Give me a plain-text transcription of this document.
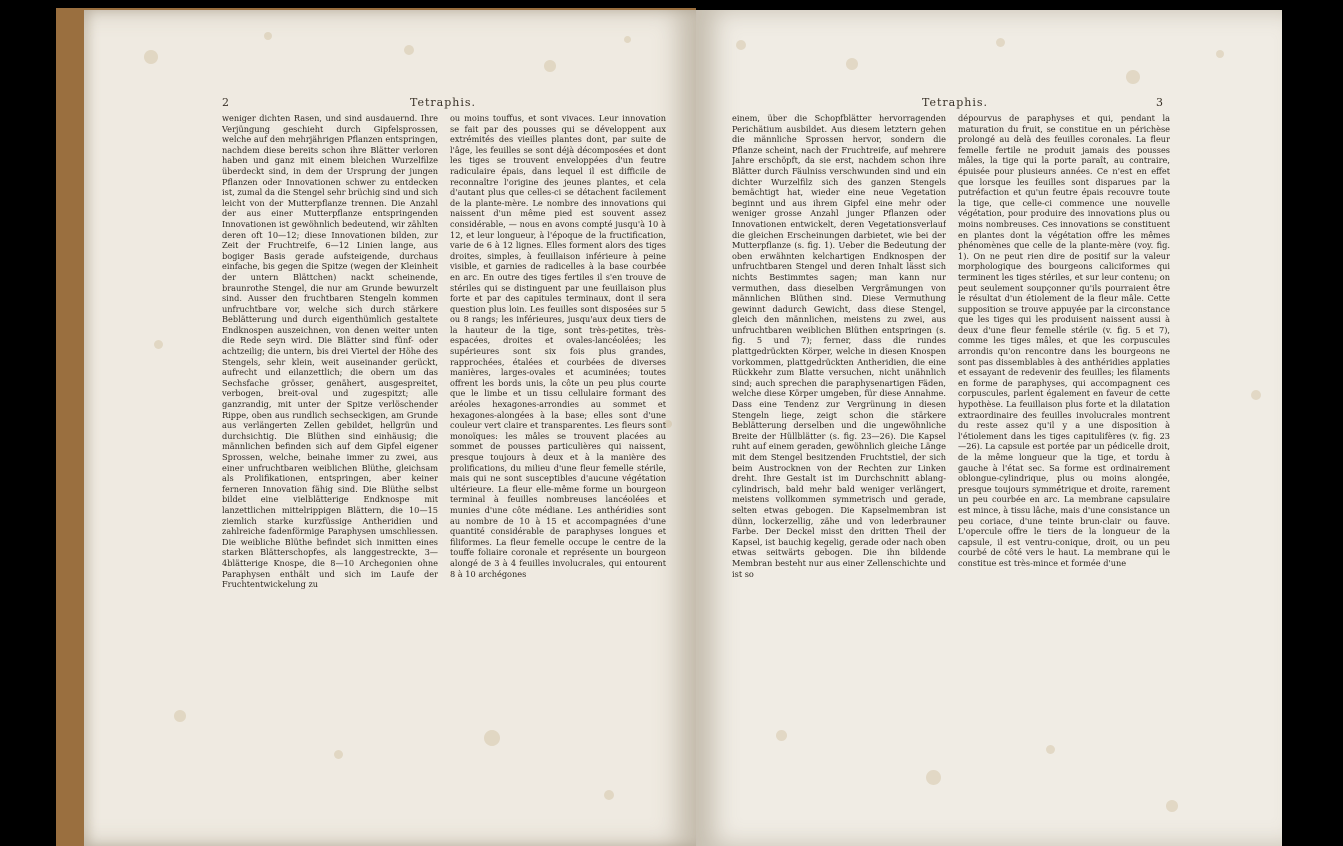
2	Tetraphis.	Tetraphis.	3

weniger dichten Rasen, und sind ausdauernd. Ihre Verjüngung geschieht durch Gipfelsprossen, welche auf den mehrjährigen Pflanzen entspringen, nachdem diese bereits schon ihre Blätter verloren haben und ganz mit einem bleichen Wurzelfilze überdeckt sind, in dem der Ursprung der jungen Pflanzen oder Innovationen schwer zu entdecken ist, zumal da die Stengel sehr brüchig sind und sich leicht von der Mutterpflanze trennen. Die Anzahl der aus einer Mutterpflanze entspringenden Innovationen ist gewöhnlich bedeutend, wir zählten deren oft 10—12; diese Innovationen bilden, zur Zeit der Fruchtreife, 6—12 Linien lange, aus bogiger Basis gerade aufsteigende, durchaus einfache, bis gegen die Spitze (wegen der Kleinheit der untern Blättchen) nackt scheinende, braunrothe Stengel, die nur am Grunde bewurzelt sind. Ausser den fruchtbaren Stengeln kommen unfruchtbare vor, welche sich durch stärkere Beblätterung und durch eigenthümlich gestaltete Endknospen auszeichnen, von denen weiter unten die Rede seyn wird. Die Blätter sind fünf- oder achtzeilig; die untern, bis drei Viertel der Höhe des Stengels, sehr klein, weit auseinander gerückt, aufrecht und eilanzettlich; die obern um das Sechsfache grösser, genähert, ausgespreitet, verbogen, breit-oval und zugespitzt; alle ganzrandig, mit unter der Spitze verlöschender Rippe, oben aus rundlich sechseckigen, am Grunde aus verlängerten Zellen gebildet, hellgrün und durchsichtig. Die Blüthen sind einhäusig; die männlichen befinden sich auf dem Gipfel eigener Sprossen, welche, beinahe immer zu zwei, aus einer unfruchtbaren weiblichen Blüthe, gleichsam als Prolifikationen, entspringen, aber keiner ferneren Innovation fähig sind. Die Blüthe selbst bildet eine vielblätterige Endknospe mit lanzettlichen mittelrippigen Blättern, die 10—15 ziemlich starke kurzfüssige Antheridien und zahlreiche fadenförmige Paraphysen umschliessen. Die weibliche Blüthe befindet sich inmitten eines starken Blätterschopfes, als langgestreckte, 3—4blätterige Knospe, die 8—10 Archegonien ohne Paraphysen enthält und sich im Laufe der Fruchtentwickelung zu

ou moins touffus, et sont vivaces. Leur innovation se fait par des pousses qui se développent aux extrémités des vieilles plantes dont, par suite de l'âge, les feuilles se sont déjà décomposées et dont les tiges se trouvent enveloppées d'un feutre radiculaire épais, dans lequel il est difficile de reconnaître l'origine des jeunes plantes, et cela d'autant plus que celles-ci se détachent facilement de la plante-mère. Le nombre des innovations qui naissent d'un même pied est souvent assez considérable, — nous en avons compté jusqu'à 10 à 12, et leur longueur, à l'époque de la fructification, varie de 6 à 12 lignes. Elles forment alors des tiges droites, simples, à feuillaison inférieure à peine visible, et garnies de radicelles à la base courbée en arc. En outre des tiges fertiles il s'en trouve de stériles qui se distinguent par une feuillaison plus forte et par des capitules terminaux, dont il sera question plus loin. Les feuilles sont disposées sur 5 ou 8 rangs; les inférieures, jusqu'aux deux tiers de la hauteur de la tige, sont très-petites, très-espacées, droites et ovales-lancéolées; les supérieures sont six fois plus grandes, rapprochées, étalées et courbées de diverses manières, larges-ovales et acuminées; toutes offrent les bords unis, la côte un peu plus courte que le limbe et un tissu cellulaire formant des aréoles hexagones-arrondies au sommet et hexagones-alongées à la base; elles sont d'une couleur vert claire et transparentes. Les fleurs sont monoïques: les mâles se trouvent placées au sommet de pousses particulières qui naissent, presque toujours à deux et à la manière des prolifications, du milieu d'une fleur femelle stérile, mais qui ne sont susceptibles d'aucune végétation ultérieure. La fleur elle-même forme un bourgeon terminal à feuilles nombreuses lancéolées et munies d'une côte médiane. Les anthéridies sont au nombre de 10 à 15 et accompagnées d'une quantité considérable de paraphyses longues et filiformes. La fleur femelle occupe le centre de la touffe foliaire coronale et représente un bourgeon alongé de 3 à 4 feuilles involucrales, qui entourent 8 à 10 archégones

einem, über die Schopfblätter hervorragenden Perichätium ausbildet. Aus diesem letztern gehen die männliche Sprossen hervor, sondern die Pflanze scheint, nach der Fruchtreife, auf mehrere Jahre erschöpft, da sie erst, nachdem schon ihre Blätter durch Fäulniss verschwunden sind und ein dichter Wurzelfilz sich des ganzen Stengels bemächtigt hat, wieder eine neue Vegetation beginnt und aus ihrem Gipfel eine mehr oder weniger grosse Anzahl junger Pflanzen oder Innovationen entwickelt, deren Vegetationsverlauf die gleichen Erscheinungen darbietet, wie bei der Mutterpflanze (s. fig. 1). Ueber die Bedeutung der oben erwähnten kelchartigen Endknospen der unfruchtbaren Stengel und deren Inhalt lässt sich nichts Bestimmtes sagen; man kann nur vermuthen, dass dieselben Vergrämungen von männlichen Blüthen sind. Diese Vermuthung gewinnt dadurch Gewicht, dass diese Stengel, gleich den männlichen, meistens zu zwei, aus unfruchtbaren weiblichen Blüthen entspringen (s. fig. 5 und 7); ferner, dass die rundes plattgedrückten Körper, welche in diesen Knospen vorkommen, plattgedrückten Antheridien, die eine Rückkehr zum Blatte versuchen, nicht unähnlich sind; auch sprechen die paraphysenartigen Fäden, welche diese Körper umgeben, für diese Annahme. Dass eine Tendenz zur Vergrünung in diesen Stengeln liege, zeigt schon die stärkere Beblätterung derselben und die ungewöhnliche Breite der Hüllblätter (s. fig. 23—26). Die Kapsel ruht auf einem geraden, gewöhnlich gleiche Länge mit dem Stengel besitzenden Fruchtstiel, der sich beim Austrocknen von der Rechten zur Linken dreht. Ihre Gestalt ist im Durchschnitt ablang-cylindrisch, bald mehr bald weniger verlängert, meistens vollkommen symmetrisch und gerade, selten etwas gebogen. Die Kapselmembran ist dünn, lockerzellig, zähe und von lederbrauner Farbe. Der Deckel misst den dritten Theil der Kapsel, ist bauchig kegelig, gerade oder nach oben etwas seitwärts gebogen. Die ihn bildende Membran besteht nur aus einer Zellenschichte und ist so

dépourvus de paraphyses et qui, pendant la maturation du fruit, se constitue en un périchèse prolongé au delà des feuilles coronales. La fleur femelle fertile ne produit jamais des pousses mâles, la tige qui la porte paraît, au contraire, épuisée pour plusieurs années. Ce n'est en effet que lorsque les feuilles sont disparues par la putréfaction et qu'un feutre épais recouvre toute la tige, que celle-ci commence une nouvelle végétation, pour produire des innovations plus ou moins nombreuses. Ces innovations se constituent en plantes dont la végétation offre les mêmes phénomènes que celle de la plante-mère (voy. fig. 1). On ne peut rien dire de positif sur la valeur morphologique des bourgeons caliciformes qui terminent les tiges stériles, et sur leur contenu; on peut seulement soupçonner qu'ils pourraient être le résultat d'un étiolement de la fleur mâle. Cette supposition se trouve appuyée par la circonstance que les tiges qui les produisent naissent aussi à deux d'une fleur femelle stérile (v. fig. 5 et 7), comme les tiges mâles, et que les corpuscules arrondis qu'on rencontre dans les bourgeons ne sont pas dissemblables à des anthéridies applaties et essayant de redevenir des feuilles; les filaments en forme de paraphyses, qui accompagnent ces corpuscules, parlent également en faveur de cette hypothèse. La feuillaison plus forte et la dilatation extraordinaire des feuilles involucrales montrent du reste assez qu'il y a une disposition à l'étiolement dans les tiges capitulifères (v. fig. 23—26). La capsule est portée par un pédicelle droit, de la même longueur que la tige, et tordu à gauche à l'état sec. Sa forme est ordinairement oblongue-cylindrique, plus ou moins alongée, presque toujours symmétrique et droite, rarement un peu courbée en arc. La membrane capsulaire est mince, à tissu lâche, mais d'une consistance un peu coriace, d'une teinte brun-clair ou fauve. L'opercule offre le tiers de la longueur de la capsule, il est ventru-conique, droit, ou un peu courbé de côté vers le haut. La membrane qui le constitue est très-mince et formée d'une
